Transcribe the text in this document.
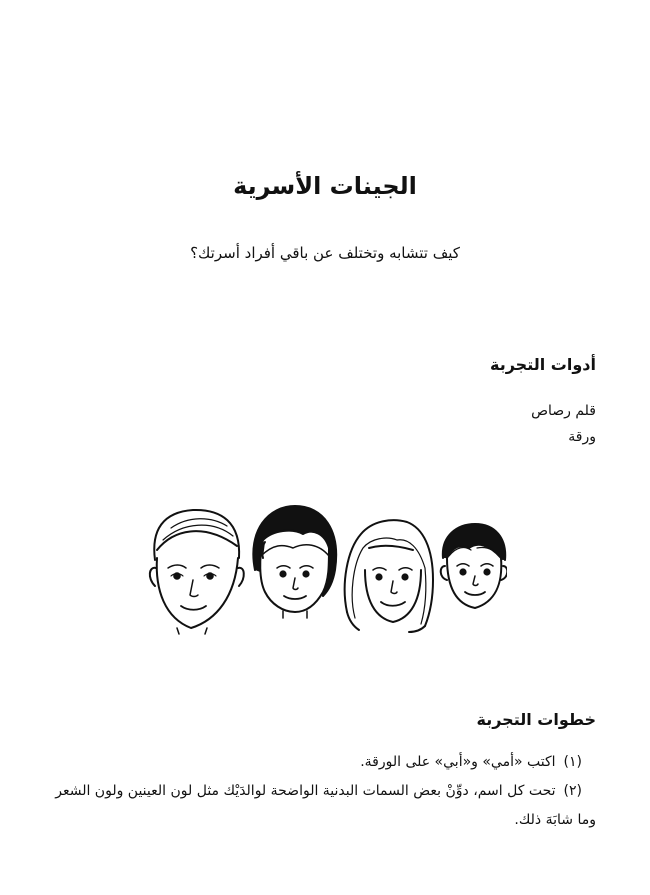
الجينات الأسرية

كيف تتشابه وتختلف عن باقي أفراد أسرتك؟

أدوات التجربة
قلم رصاص
ورقة
خطوات التجربة
(١)اكتب «أمي» و«أبي» على الورقة.
(٢)تحت كل اسم، دوِّنْ بعض السمات البدنية الواضحة لوالدَيْك مثل لون العينين ولون الشعر وما شابَهَ ذلك.
